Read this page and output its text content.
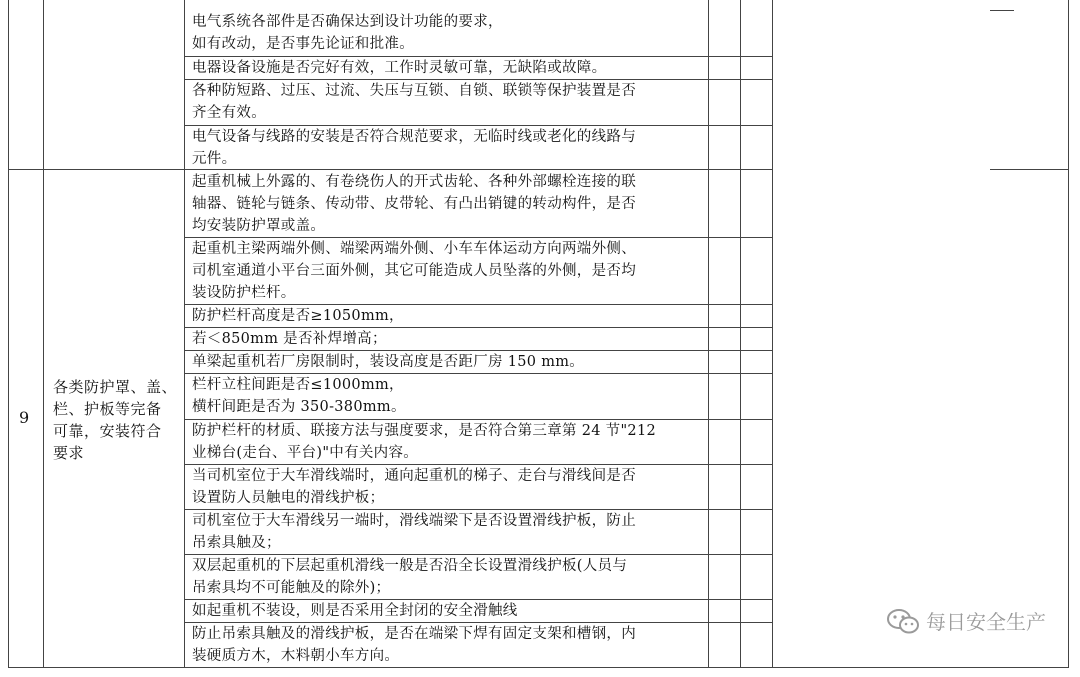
电气系统各部件是否确保达到设计功能的要求，
如有改动，是否事先论证和批准。
电器设备设施是否完好有效，工作时灵敏可靠，无缺陷或故障。
各种防短路、过压、过流、失压与互锁、自锁、联锁等保护装置是否
齐全有效。
电气设备与线路的安装是否符合规范要求，无临时线或老化的线路与
元件。
9
各类防护罩、盖、
栏、护板等完备
可靠，安装符合
要求
起重机械上外露的、有卷绕伤人的开式齿轮、各种外部螺栓连接的联
轴器、链轮与链条、传动带、皮带轮、有凸出销键的转动构件，是否
均安装防护罩或盖。
起重机主梁两端外侧、端梁两端外侧、小车车体运动方向两端外侧、
司机室通道小平台三面外侧，其它可能造成人员坠落的外侧，是否均
装设防护栏杆。
防护栏杆高度是否≥1050mm，
若＜850mm 是否补焊增高；
单梁起重机若厂房限制时，装设高度是否距厂房 150 mm。
栏杆立柱间距是否≤1000mm，
横杆间距是否为 350-380mm。
防护栏杆的材质、联接方法与强度要求，是否符合第三章第 24 节"212
业梯台(走台、平台)"中有关内容。
当司机室位于大车滑线端时，通向起重机的梯子、走台与滑线间是否
设置防人员触电的滑线护板；
司机室位于大车滑线另一端时，滑线端梁下是否设置滑线护板，防止
吊索具触及；
双层起重机的下层起重机滑线一般是否沿全长设置滑线护板(人员与
吊索具均不可能触及的除外)；
如起重机不装设，则是否采用全封闭的安全滑触线
防止吊索具触及的滑线护板，是否在端梁下焊有固定支架和槽钢，内
装硬质方木，木料朝小车方向。
每日安全生产
